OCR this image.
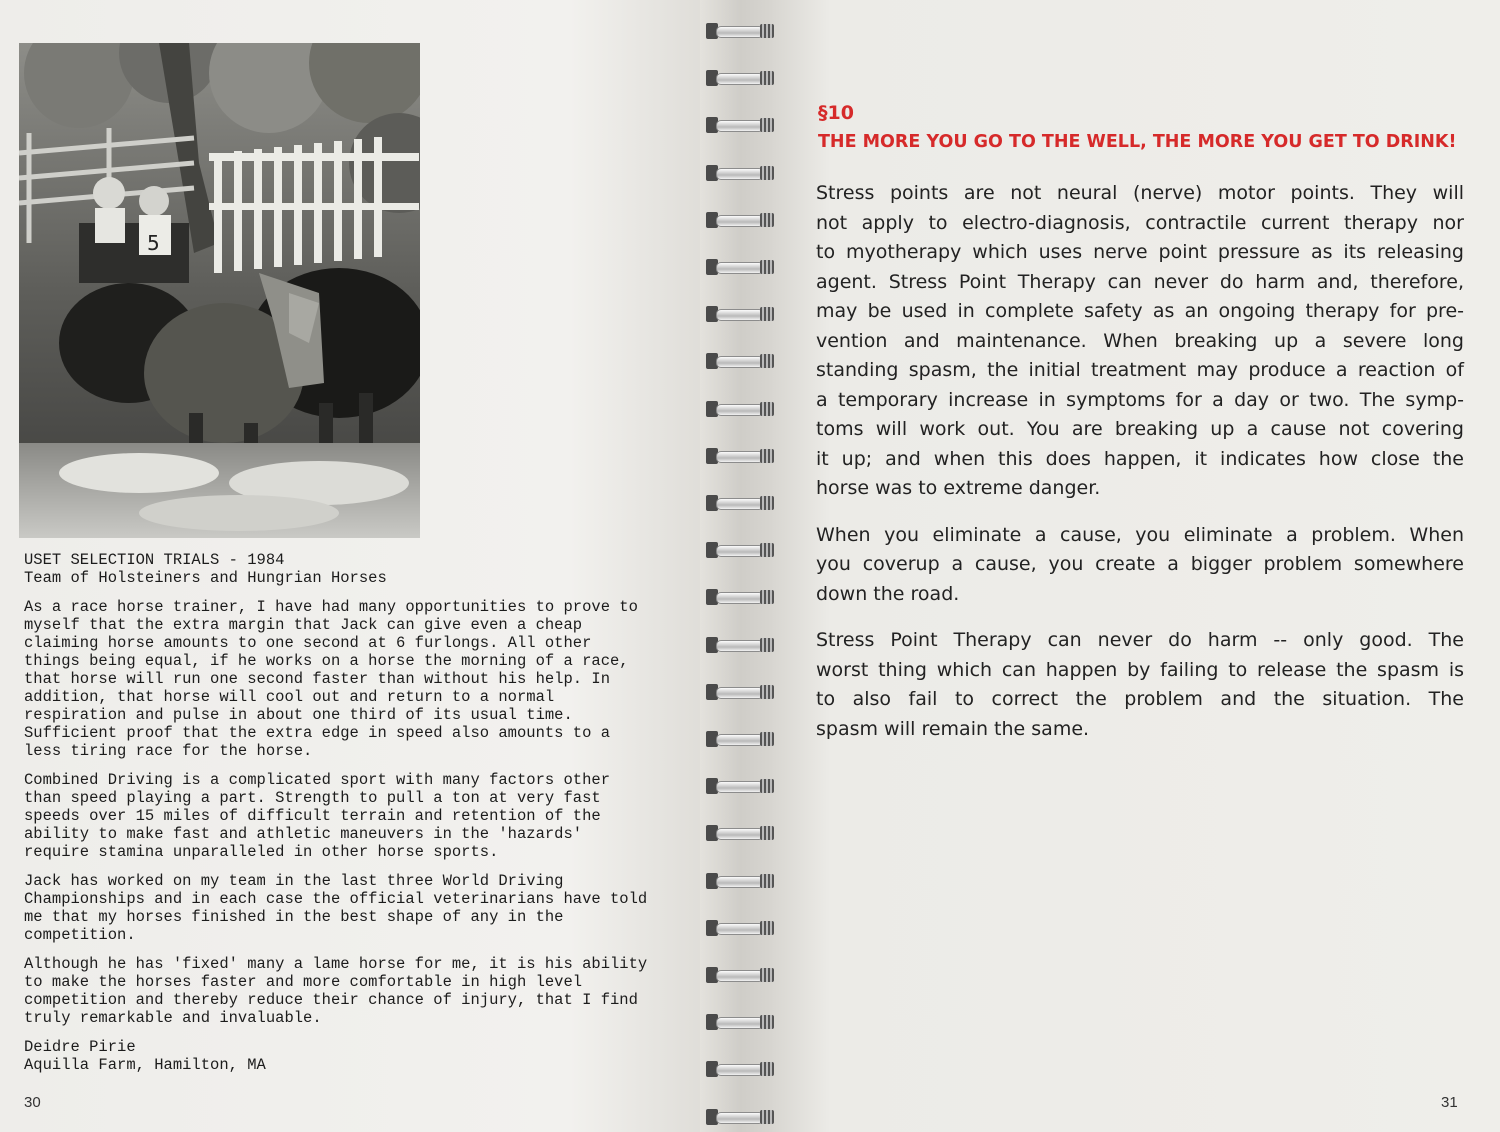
5
USET SELECTION TRIALS - 1984
Team of Holsteiners and Hungrian Horses
As a race horse trainer, I have had many opportunities to prove to
myself that the extra margin that Jack can give even a cheap
claiming horse amounts to one second at 6 furlongs. All other
things being equal, if he works on a horse the morning of a race,
that horse will run one second faster than without his help. In
addition, that horse will cool out and return to a normal
respiration and pulse in about one third of its usual time.
Sufficient proof that the extra edge in speed also amounts to a
less tiring race for the horse.
Combined Driving is a complicated sport with many factors other
than speed playing a part. Strength to pull a ton at very fast
speeds over 15 miles of difficult terrain and retention of the
ability to make fast and athletic maneuvers in the 'hazards'
require stamina unparalleled in other horse sports.
Jack has worked on my team in the last three World Driving
Championships and in each case the official veterinarians have told
me that my horses finished in the best shape of any in the
competition.
Although he has 'fixed' many a lame horse for me, it is his ability
to make the horses faster and more comfortable in high level
competition and thereby reduce their chance of injury, that I find
truly remarkable and invaluable.
Deidre Pirie
Aquilla Farm, Hamilton, MA
30	31
§10
THE MORE YOU GO TO THE WELL, THE MORE YOU GET TO DRINK!
Stress points are not neural (nerve) motor points. They will
not apply to electro-diagnosis, contractile current therapy nor
to myotherapy which uses nerve point pressure as its releasing
agent. Stress Point Therapy can never do harm and, therefore,
may be used in complete safety as an ongoing therapy for pre-
vention and maintenance. When breaking up a severe long
standing spasm, the initial treatment may produce a reaction of
a temporary increase in symptoms for a day or two. The symp-
toms will work out. You are breaking up a cause not covering
it up; and when this does happen, it indicates how close the
horse was to extreme danger.
When you eliminate a cause, you eliminate a problem. When
you coverup a cause, you create a bigger problem somewhere
down the road.
Stress Point Therapy can never do harm -- only good. The
worst thing which can happen by failing to release the spasm is
to also fail to correct the problem and the situation. The
spasm will remain the same.
